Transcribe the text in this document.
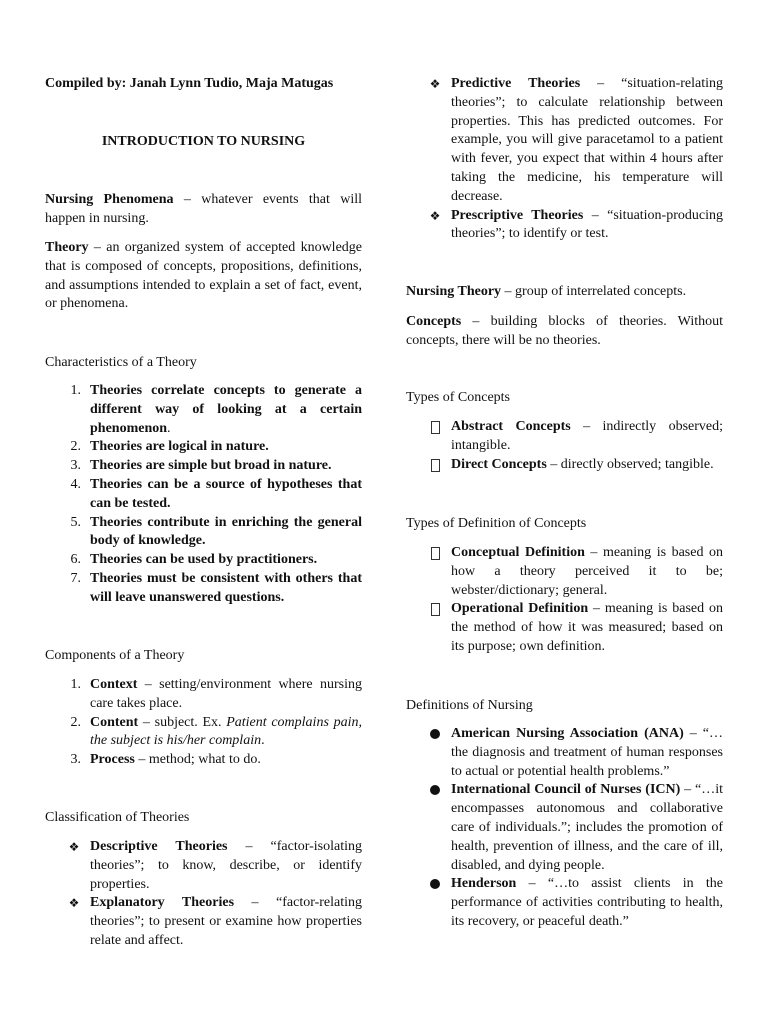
Compiled by: Janah Lynn Tudio, Maja Matugas

INTRODUCTION TO NURSING

Nursing Phenomena – whatever events that will happen in nursing.

Theory – an organized system of accepted knowledge that is composed of concepts, propositions, definitions, and assumptions intended to explain a set of fact, event, or phenomena.

Characteristics of a Theory

1. Theories correlate concepts to generate a different way of looking at a certain phenomenon.
2. Theories are logical in nature.
3. Theories are simple but broad in nature.
4. Theories can be a source of hypotheses that can be tested.
5. Theories contribute in enriching the general body of knowledge.
6. Theories can be used by practitioners.
7. Theories must be consistent with others that will leave unanswered questions.

Components of a Theory

1. Context – setting/environment where nursing care takes place.
2. Content – subject. Ex. Patient complains pain, the subject is his/her complain.
3. Process – method; what to do.

Classification of Theories

❖ Descriptive Theories – “factor-isolating theories”; to know, describe, or identify properties.
❖ Explanatory Theories – “factor-relating theories”; to present or examine how properties relate and affect.
❖ Predictive Theories – “situation-relating theories”; to calculate relationship between properties. This has predicted outcomes. For example, you will give paracetamol to a patient with fever, you expect that within 4 hours after taking the medicine, his temperature will decrease.
❖ Prescriptive Theories – “situation-producing theories”; to identify or test.

Nursing Theory – group of interrelated concepts.

Concepts – building blocks of theories. Without concepts, there will be no theories.

Types of Concepts

Abstract Concepts – indirectly observed; intangible.
Direct Concepts – directly observed; tangible.

Types of Definition of Concepts

Conceptual Definition – meaning is based on how a theory perceived it to be; webster/dictionary; general.
Operational Definition – meaning is based on the method of how it was measured; based on its purpose; own definition.

Definitions of Nursing

American Nursing Association (ANA) – “… the diagnosis and treatment of human responses to actual or potential health problems.”
International Council of Nurses (ICN) – “…it encompasses autonomous and collaborative care of individuals.”; includes the promotion of health, prevention of illness, and the care of ill, disabled, and dying people.
Henderson – “…to assist clients in the performance of activities contributing to health, its recovery, or peaceful death.”
